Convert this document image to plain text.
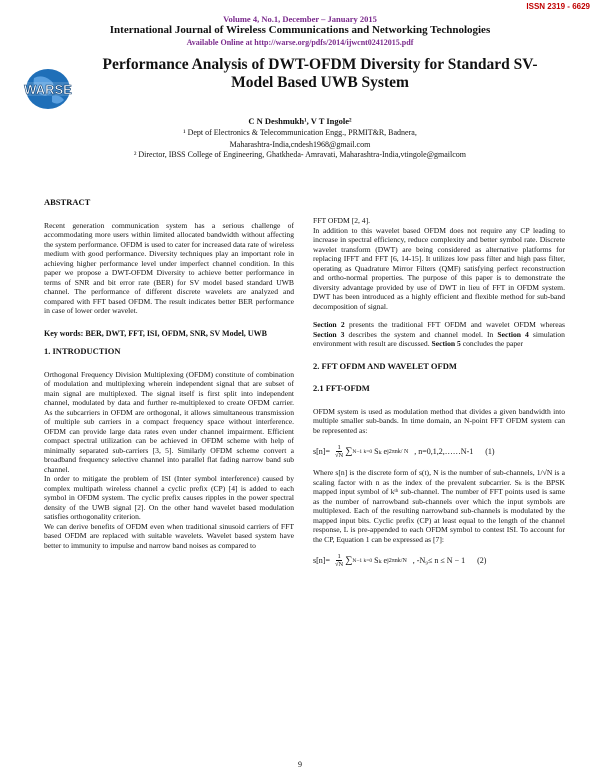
ISSN 2319 - 6629
Volume 4, No.1, December – January 2015
International Journal of Wireless Communications and Networking Technologies
Available Online at http://warse.org/pdfs/2014/ijwcnt02412015.pdf
WARSE
Performance Analysis of DWT-OFDM Diversity for Standard SV-Model Based UWB System
C N Deshmukh¹, V T Ingole²
¹ Dept of Electronics & Telecommunication Engg., PRMIT&R, Badnera,
Maharashtra-India,cndesh1968@gmail.com
² Director, IBSS College of Engineering, Ghatkheda- Amravati, Maharashtra-India,vtingole@gmailcom
ABSTRACT

Recent generation communication system has a serious challenge of accommodating more users within limited allocated bandwidth without affecting the system performance. OFDM is used to cater for increased data rate of wireless medium with good performance. Diversity techniques play an important role in achieving higher performance level under imperfect channel condition. In this paper we propose a DWT-OFDM Diversity to achieve better performance in terms of SNR and bit error rate (BER) for SV model based standard UWB channel. The performance of different discrete wavelets are analyzed and compared with FFT based OFDM. The result indicates better BER performance in case of lower order wavelet.

Key words: BER, DWT, FFT, ISI, OFDM, SNR, SV Model, UWB

1. INTRODUCTION

Orthogonal Frequency Division Multiplexing (OFDM) constitute of combination of modulation and multiplexing wherein independent signal that are subset of main signal are multiplexed. The signal itself is first split into independent channel, modulated by data and further re-multiplexed to create OFDM carrier. As the subcarriers in OFDM are orthogonal, it allows simultaneous transmission of multiple sub carriers in a compact frequency space without interference. OFDM can provide large data rates even under channel impairment. Efficient compact spectral utilization can be achieved in OFDM scheme with help of minimally separated sub-carriers [3, 5]. Similarly OFDM scheme convert a broadband frequency selective channel into parallel flat fading narrow band sub channel.

In order to mitigate the problem of ISI (Inter symbol interference) caused by complex multipath wireless channel a cyclic prefix (CP) [4] is added to each symbol in OFDM system. The cyclic prefix causes ripples in the power spectral density of the UWB signal [2]. On the other hand wavelet based modulation satisfies orthogonality criterion.

We can derive benefits of OFDM even when traditional sinusoid carriers of FFT based OFDM are replaced with suitable wavelets. Wavelet based system have better to immunity to impulse and narrow band noises as compared to

FFT OFDM [2, 4].

In addition to this wavelet based OFDM does not require any CP leading to increase in spectral efficiency, reduce complexity and better symbol rate. Discrete wavelet transform (DWT) are being considered as alternative platforms for replacing IFFT and FFT [6, 14-15]. It utilizes low pass filter and high pass filter, operating as Quadrature Mirror Filters (QMF) satisfying perfect reconstruction and ortho-normal properties. The purpose of this paper is to demonstrate the diversity advantage provided by use of DWT in lieu of FFT in OFDM system. DWT has been introduced as a highly efficient and flexible method for sub-band decomposition of signal.

Section 2 presents the traditional FFT OFDM and wavelet OFDM whereas Section 3 describes the system and channel model. In Section 4 simulation environment with result are discussed. Section 5 concludes the paper

2. FFT OFDM AND WAVELET OFDM
2.1 FFT-OFDM

OFDM system is used as modulation method that divides a given bandwidth into multiple smaller sub-bands. In time domain, an N-point FFT OFDM system can be represented as:

$s[n]= \frac{1}{√N}$ ∑ N−1 k=0 Sₖ e j2πnk/ N , n=0,1,2,……N-1 (1)

Where s[n] is the discrete form of s(t), N is the number of sub-channels, 1/√N is a scaling factor with n as the index of the prevalent subcarrier. Sₖ is the BPSK mapped input symbol of kᵗʰ sub-channel. The number of FFT points used is same as the number of narrowband sub-channels over which the input symbols are multiplexed. Each of the resulting narrowband sub-channels is modulated by the mapped input bits. Cyclic prefix (CP) at least equal to the length of the channel response, L is pre-appended to each OFDM symbol to contest ISI. To account for the CP, Equation 1 can be expressed as [7]:

$s[n]= \frac{1}{√N}$ ∑ N−1 k=0 Sₖ e j2πnk/N , -N₉≤ n ≤ N − 1 (2)
9
